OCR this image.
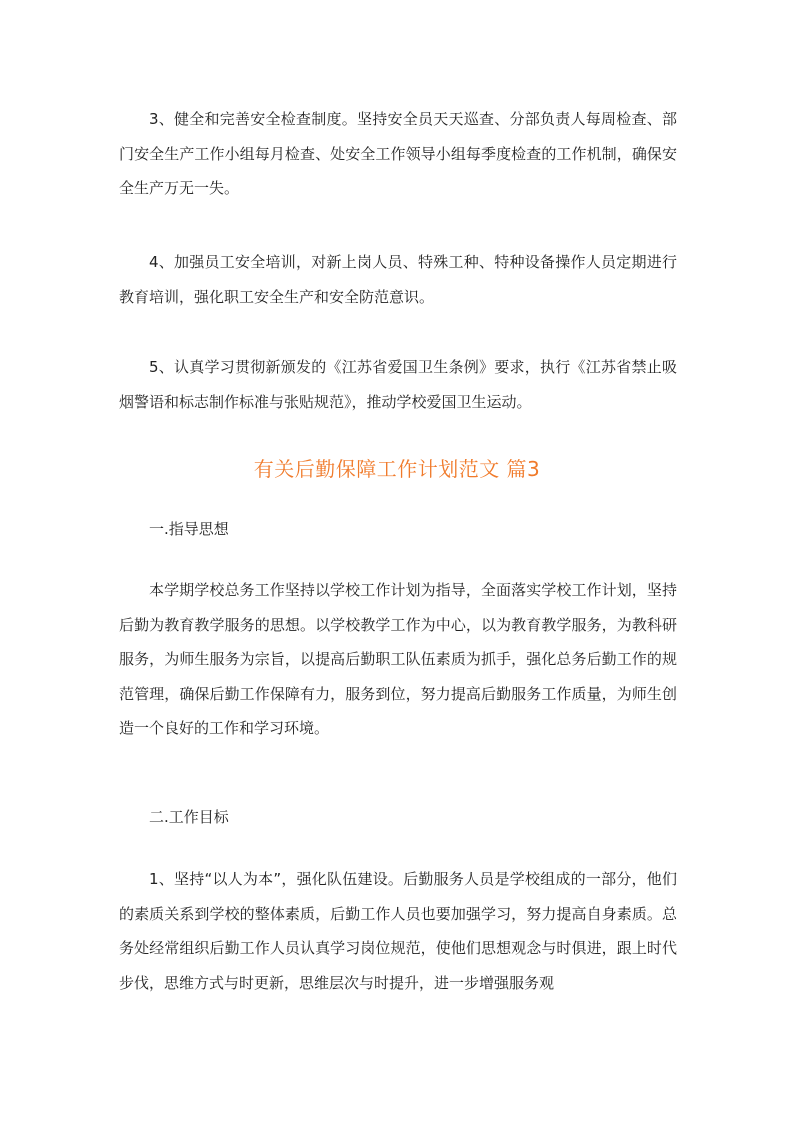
3、健全和完善安全检查制度。坚持安全员天天巡查、分部负责人每周检查、部门安全生产工作小组每月检查、处安全工作领导小组每季度检查的工作机制，确保安全生产万无一失。

4、加强员工安全培训，对新上岗人员、特殊工种、特种设备操作人员定期进行教育培训，强化职工安全生产和安全防范意识。

5、认真学习贯彻新颁发的《江苏省爱国卫生条例》要求，执行《江苏省禁止吸烟警语和标志制作标准与张贴规范》，推动学校爱国卫生运动。

有关后勤保障工作计划范文 篇3

一.指导思想

本学期学校总务工作坚持以学校工作计划为指导，全面落实学校工作计划，坚持后勤为教育教学服务的思想。以学校教学工作为中心，以为教育教学服务，为教科研服务，为师生服务为宗旨，以提高后勤职工队伍素质为抓手，强化总务后勤工作的规范管理，确保后勤工作保障有力，服务到位，努力提高后勤服务工作质量，为师生创造一个良好的工作和学习环境。

二.工作目标

1、坚持“以人为本”，强化队伍建设。后勤服务人员是学校组成的一部分，他们的素质关系到学校的整体素质，后勤工作人员也要加强学习，努力提高自身素质。总务处经常组织后勤工作人员认真学习岗位规范，使他们思想观念与时俱进，跟上时代步伐，思维方式与时更新，思维层次与时提升，进一步增强服务观
